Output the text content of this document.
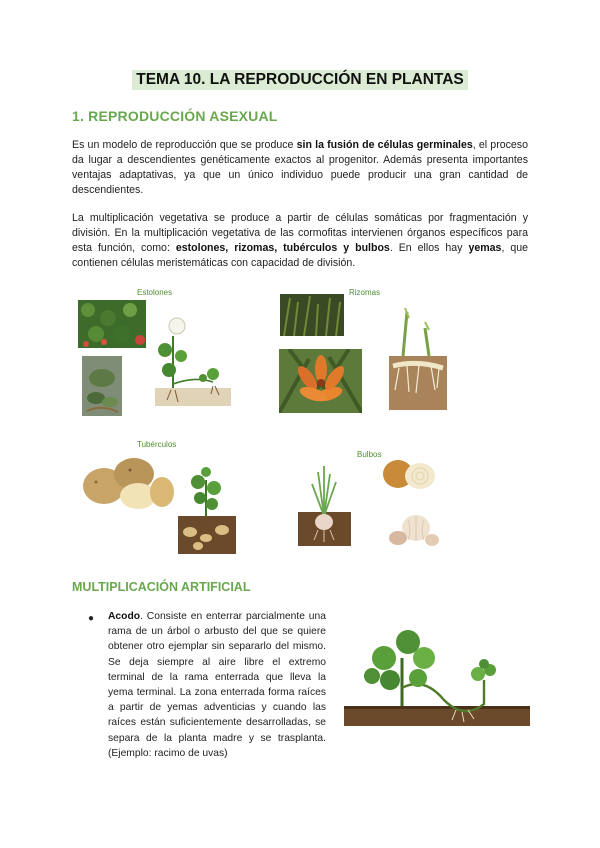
TEMA 10. LA REPRODUCCIÓN EN PLANTAS
1. REPRODUCCIÓN ASEXUAL
Es un modelo de reproducción que se produce sin la fusión de células germinales, el proceso da lugar a descendientes genéticamente exactos al progenitor. Además presenta importantes ventajas adaptativas, ya que un único individuo puede producir una gran cantidad de descendientes.
La multiplicación vegetativa se produce a partir de células somáticas por fragmentación y división. En la multiplicación vegetativa de las cormofitas intervienen órganos específicos para esta función, como: estolones, rizomas, tubérculos y bulbos. En ellos hay yemas, que contienen células meristemáticas con capacidad de división.
Estolones	Rizomas
Tubérculos
Bulbos
MULTIPLICACIÓN ARTIFICIAL
● Acodo. Consiste en enterrar parcialmente una rama de un árbol o arbusto del que se quiere obtener otro ejemplar sin separarlo del mismo. Se deja siempre al aire libre el extremo terminal de la rama enterrada que lleva la yema terminal. La zona enterrada forma raíces a partir de yemas adventicias y cuando las raíces están suficientemente desarrolladas, se separa de la planta madre y se trasplanta. (Ejemplo: racimo de uvas)
